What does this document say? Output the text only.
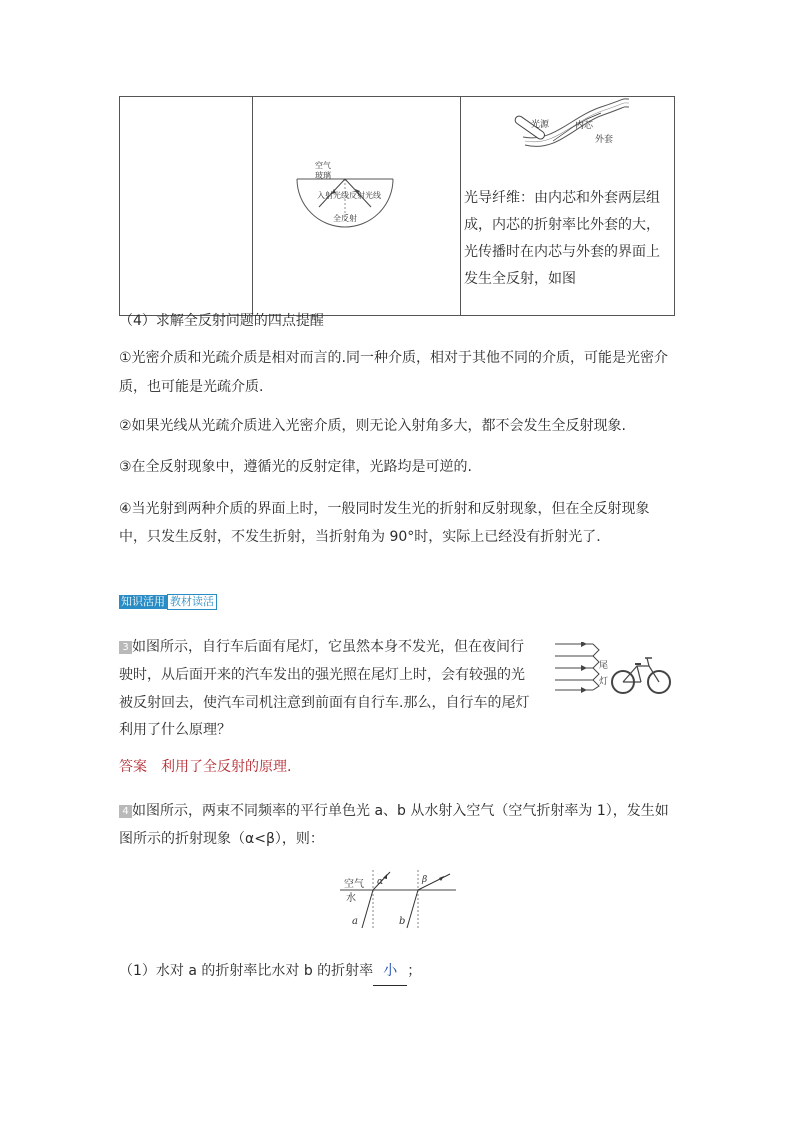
空气
玻璃
入射光线 反射光线
全反射

光源	内芯
外套
光导纤维：由内芯和外套两层组
成，内芯的折射率比外套的大，
光传播时在内芯与外套的界面上
发生全反射，如图
（4）求解全反射问题的四点提醒
①光密介质和光疏介质是相对而言的.同一种介质，相对于其他不同的介质，可能是光密介
质，也可能是光疏介质.
②如果光线从光疏介质进入光密介质，则无论入射角多大，都不会发生全反射现象.
③在全反射现象中，遵循光的反射定律，光路均是可逆的.
④当光射到两种介质的界面上时，一般同时发生光的折射和反射现象，但在全反射现象
中，只发生反射，不发生折射，当折射角为 90°时，实际上已经没有折射光了.
知识活用 教材读活
3 如图所示，自行车后面有尾灯，它虽然本身不发光，但在夜间行
驶时，从后面开来的汽车发出的强光照在尾灯上时，会有较强的光
被反射回去，使汽车司机注意到前面有自行车.那么，自行车的尾灯
利用了什么原理？
尾
灯
答案　利用了全反射的原理.
4 如图所示，两束不同频率的平行单色光 a、b 从水射入空气（空气折射率为 1），发生如
图所示的折射现象（α<β），则：
空气
水
α	β
a	b
（1）水对 a 的折射率比水对 b 的折射率 小 ；
